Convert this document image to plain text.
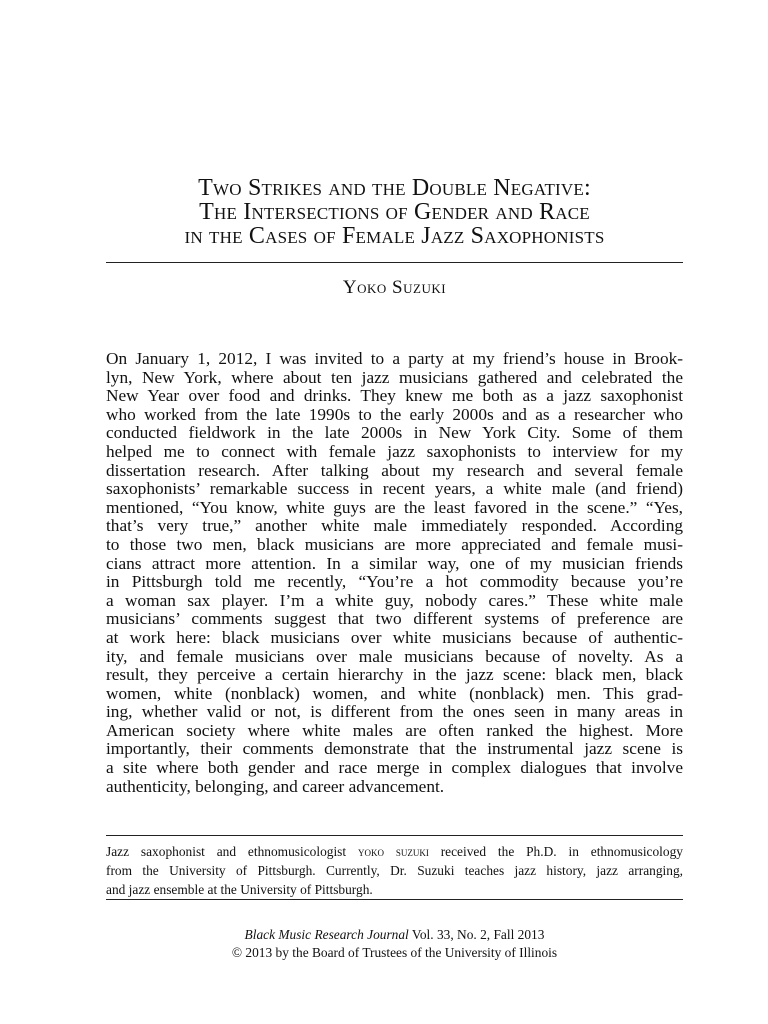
Two Strikes and the Double Negative:
The Intersections of Gender and Race
in the Cases of Female Jazz Saxophonists
Yoko Suzuki
On January 1, 2012, I was invited to a party at my friend’s house in Brook-
lyn, New York, where about ten jazz musicians gathered and celebrated the
New Year over food and drinks. They knew me both as a jazz saxophonist
who worked from the late 1990s to the early 2000s and as a researcher who
conducted fieldwork in the late 2000s in New York City. Some of them
helped me to connect with female jazz saxophonists to interview for my
dissertation research. After talking about my research and several female
saxophonists’ remarkable success in recent years, a white male (and friend)
mentioned, “You know, white guys are the least favored in the scene.” “Yes,
that’s very true,” another white male immediately responded. According
to those two men, black musicians are more appreciated and female musi-
cians attract more attention. In a similar way, one of my musician friends
in Pittsburgh told me recently, “You’re a hot commodity because you’re
a woman sax player. I’m a white guy, nobody cares.” These white male
musicians’ comments suggest that two different systems of preference are
at work here: black musicians over white musicians because of authentic-
ity, and female musicians over male musicians because of novelty. As a
result, they perceive a certain hierarchy in the jazz scene: black men, black
women, white (nonblack) women, and white (nonblack) men. This grad-
ing, whether valid or not, is different from the ones seen in many areas in
American society where white males are often ranked the highest. More
importantly, their comments demonstrate that the instrumental jazz scene is
a site where both gender and race merge in complex dialogues that involve
authenticity, belonging, and career advancement.
Jazz saxophonist and ethnomusicologist yoko suzuki received the Ph.D. in ethnomusicology
from the University of Pittsburgh. Currently, Dr. Suzuki teaches jazz history, jazz arranging,
and jazz ensemble at the University of Pittsburgh.
Black Music Research Journal Vol. 33, No. 2, Fall 2013
© 2013 by the Board of Trustees of the University of Illinois
